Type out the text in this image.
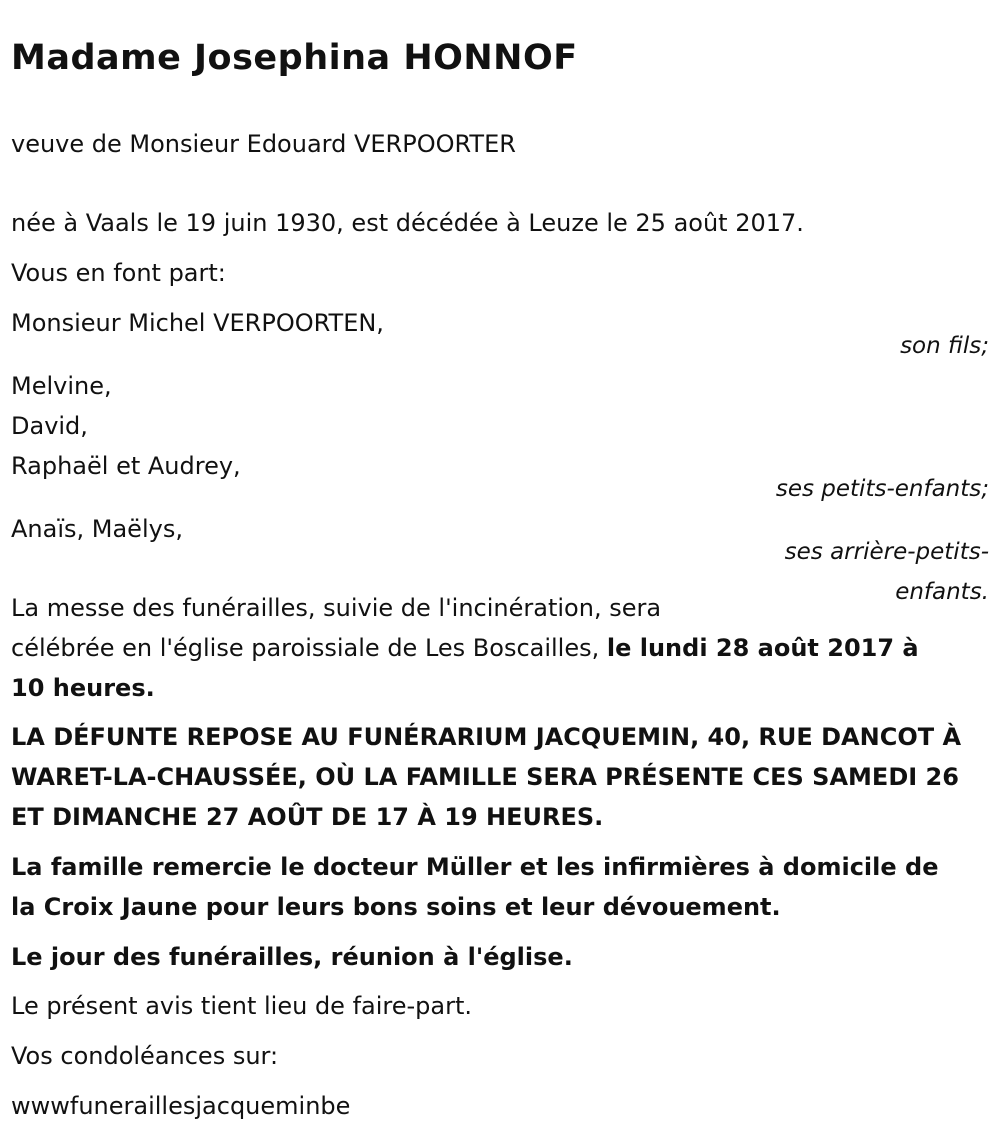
Madame Josephina HONNOF

veuve de Monsieur Edouard VERPOORTER

née à Vaals le 19 juin 1930, est décédée à Leuze le 25 août 2017.

Vous en font part:

Monsieur Michel VERPOORTEN,

son fils;

Melvine,

David,

Raphaël et Audrey,

ses petits-enfants;

Anaïs, Maëlys,

ses arrière-petits-

enfants.

La messe des funérailles, suivie de l'incinération, sera

célébrée en l'église paroissiale de Les Boscailles, le lundi 28 août 2017 à

10 heures.

LA DÉFUNTE REPOSE AU FUNÉRARIUM JACQUEMIN, 40, RUE DANCOT À

WARET-LA-CHAUSSÉE, OÙ LA FAMILLE SERA PRÉSENTE CES SAMEDI 26

ET DIMANCHE 27 AOÛT DE 17 À 19 HEURES.

La famille remercie le docteur Müller et les infirmières à domicile de

la Croix Jaune pour leurs bons soins et leur dévouement.

Le jour des funérailles, réunion à l'église.

Le présent avis tient lieu de faire-part.

Vos condoléances sur:

wwwfuneraillesjacqueminbe
